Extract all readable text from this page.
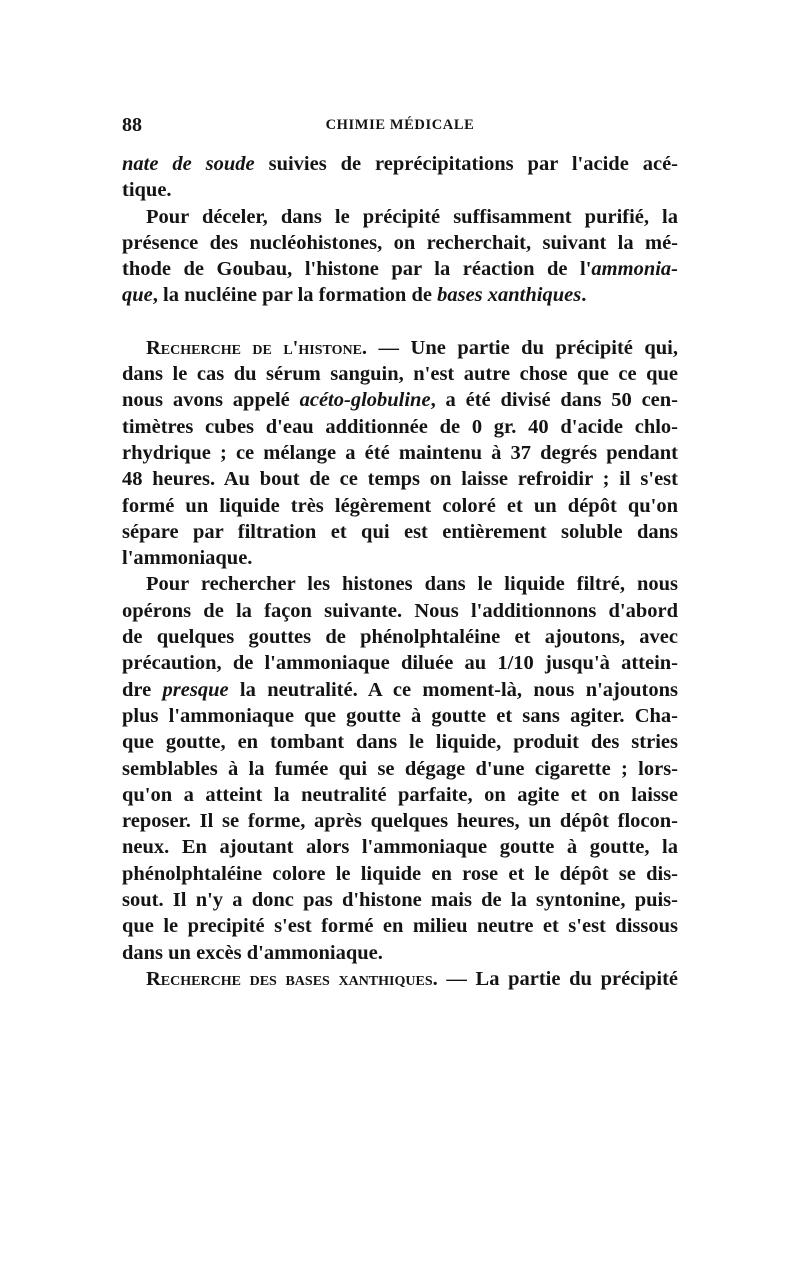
88	CHIMIE MÉDICALE
nate de soude suivies de reprécipitations par l'acide acé-
tique.
Pour déceler, dans le précipité suffisamment purifié, la
présence des nucléohistones, on recherchait, suivant la mé-
thode de Goubau, l'histone par la réaction de l'ammonia-
que, la nucléine par la formation de bases xanthiques.
Recherche de l'histone. — Une partie du précipité qui,
dans le cas du sérum sanguin, n'est autre chose que ce que
nous avons appelé acéto-globuline, a été divisé dans 50 cen-
timètres cubes d'eau additionnée de 0 gr. 40 d'acide chlo-
rhydrique ; ce mélange a été maintenu à 37 degrés pendant
48 heures. Au bout de ce temps on laisse refroidir ; il s'est
formé un liquide très légèrement coloré et un dépôt qu'on
sépare par filtration et qui est entièrement soluble dans
l'ammoniaque.
Pour rechercher les histones dans le liquide filtré, nous
opérons de la façon suivante. Nous l'additionnons d'abord
de quelques gouttes de phénolphtaléine et ajoutons, avec
précaution, de l'ammoniaque diluée au 1/10 jusqu'à attein-
dre presque la neutralité. A ce moment-là, nous n'ajoutons
plus l'ammoniaque que goutte à goutte et sans agiter. Cha-
que goutte, en tombant dans le liquide, produit des stries
semblables à la fumée qui se dégage d'une cigarette ; lors-
qu'on a atteint la neutralité parfaite, on agite et on laisse
reposer. Il se forme, après quelques heures, un dépôt flocon-
neux. En ajoutant alors l'ammoniaque goutte à goutte, la
phénolphtaléine colore le liquide en rose et le dépôt se dis-
sout. Il n'y a donc pas d'histone mais de la syntonine, puis-
que le precipité s'est formé en milieu neutre et s'est dissous
dans un excès d'ammoniaque.
Recherche des bases xanthiques. — La partie du précipité
